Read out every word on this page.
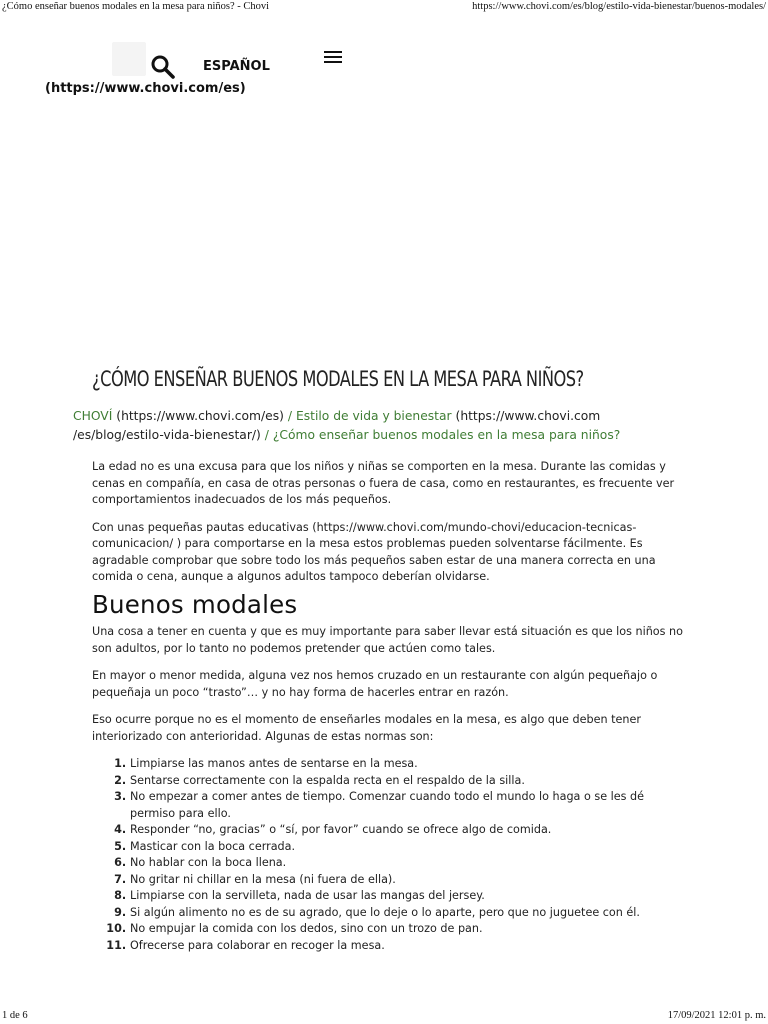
¿Cómo enseñar buenos modales en la mesa para niños? - Chovi	https://www.chovi.com/es/blog/estilo-vida-bienestar/buenos-modales/
ESPAÑOL
(https://www.chovi.com/es)
¿CÓMO ENSEÑAR BUENOS MODALES EN LA MESA PARA NIÑOS?
CHOVÍ (https://www.chovi.com/es) / Estilo de vida y bienestar (https://www.chovi.com
/es/blog/estilo-vida-bienestar/) / ¿Cómo enseñar buenos modales en la mesa para niños?

La edad no es una excusa para que los niños y niñas se comporten en la mesa. Durante las comidas y cenas en compañía, en casa de otras personas o fuera de casa, como en restaurantes, es frecuente ver comportamientos inadecuados de los más pequeños.

Con unas pequeñas pautas educativas (https://www.chovi.com/mundo-chovi/educacion-tecnicas-comunicacion/ ) para comportarse en la mesa estos problemas pueden solventarse fácilmente. Es agradable comprobar que sobre todo los más pequeños saben estar de una manera correcta en una comida o cena, aunque a algunos adultos tampoco deberían olvidarse.

Buenos modales

Una cosa a tener en cuenta y que es muy importante para saber llevar está situación es que los niños no son adultos, por lo tanto no podemos pretender que actúen como tales.

En mayor o menor medida, alguna vez nos hemos cruzado en un restaurante con algún pequeñajo o pequeñaja un poco “trasto”… y no hay forma de hacerles entrar en razón.

Eso ocurre porque no es el momento de enseñarles modales en la mesa, es algo que deben tener interiorizado con anterioridad. Algunas de estas normas son:

1. Limpiarse las manos antes de sentarse en la mesa.
2. Sentarse correctamente con la espalda recta en el respaldo de la silla.
3. No empezar a comer antes de tiempo. Comenzar cuando todo el mundo lo haga o se les dé permiso para ello.
4. Responder “no, gracias” o “sí, por favor” cuando se ofrece algo de comida.
5. Masticar con la boca cerrada.
6. No hablar con la boca llena.
7. No gritar ni chillar en la mesa (ni fuera de ella).
8. Limpiarse con la servilleta, nada de usar las mangas del jersey.
9. Si algún alimento no es de su agrado, que lo deje o lo aparte, pero que no juguetee con él.
10. No empujar la comida con los dedos, sino con un trozo de pan.
11. Ofrecerse para colaborar en recoger la mesa.
1 de 6	17/09/2021 12:01 p. m.
